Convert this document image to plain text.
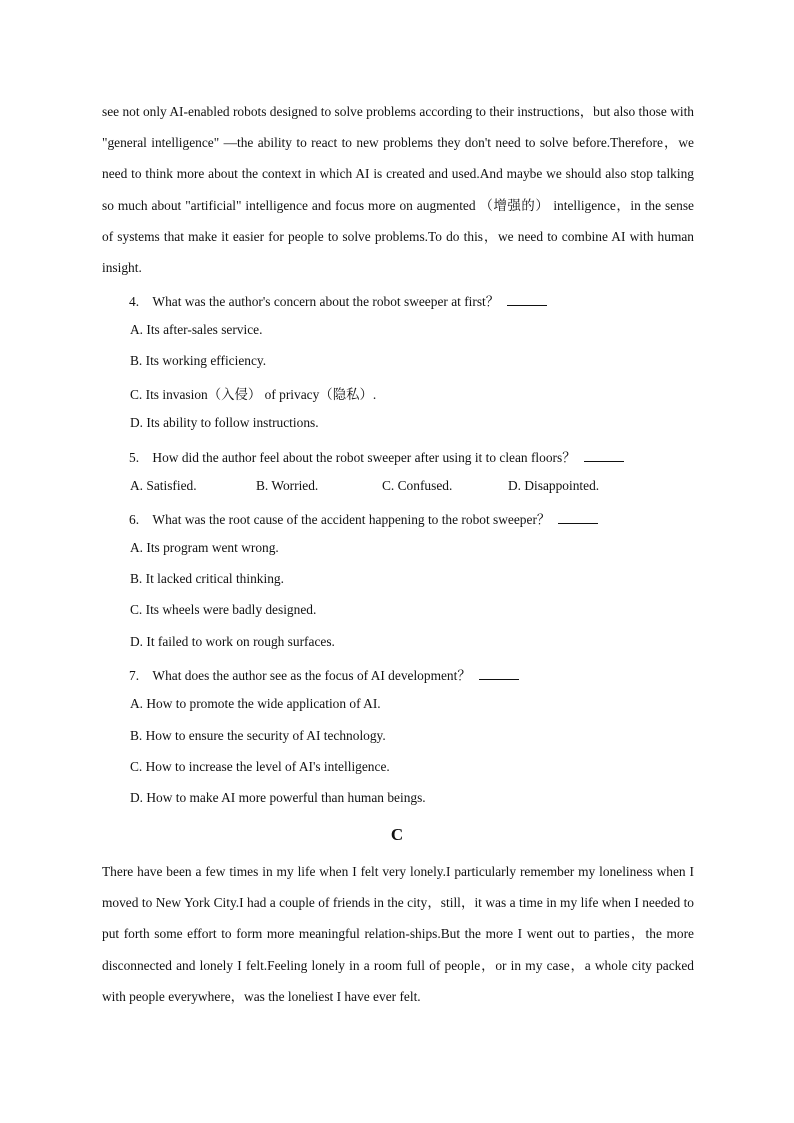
see not only AI-enabled robots designed to solve problems according to their instructions，but also those with "general intelligence" —the ability to react to new problems they don't need to solve before.Therefore，we need to think more about the context in which AI is created and used.And maybe we should also stop talking so much about "artificial" intelligence and focus more on augmented （增强的） intelligence，in the sense of systems that make it easier for people to solve problems.To do this，we need to combine AI with human insight.

4.　What was the author's concern about the robot sweeper at first？
A. Its after-sales service.
B. Its working efficiency.
C. Its invasion（入侵） of privacy（隐私）.
D. Its ability to follow instructions.
5.　How did the author feel about the robot sweeper after using it to clean floors？
A. Satisfied.	B. Worried.	C. Confused.	D. Disappointed.
6.　What was the root cause of the accident happening to the robot sweeper？
A. Its program went wrong.
B. It lacked critical thinking.
C. Its wheels were badly designed.
D. It failed to work on rough surfaces.
7.　What does the author see as the focus of AI development？
A. How to promote the wide application of AI.
B. How to ensure the security of AI technology.
C. How to increase the level of AI's intelligence.
D. How to make AI more powerful than human beings.
C

There have been a few times in my life when I felt very lonely.I particularly remember my loneliness when I moved to New York City.I had a couple of friends in the city，still，it was a time in my life when I needed to put forth some effort to form more meaningful relation-ships.But the more I went out to parties，the more disconnected and lonely I felt.Feeling lonely in a room full of people，or in my case，a whole city packed with people everywhere，was the loneliest I have ever felt.
